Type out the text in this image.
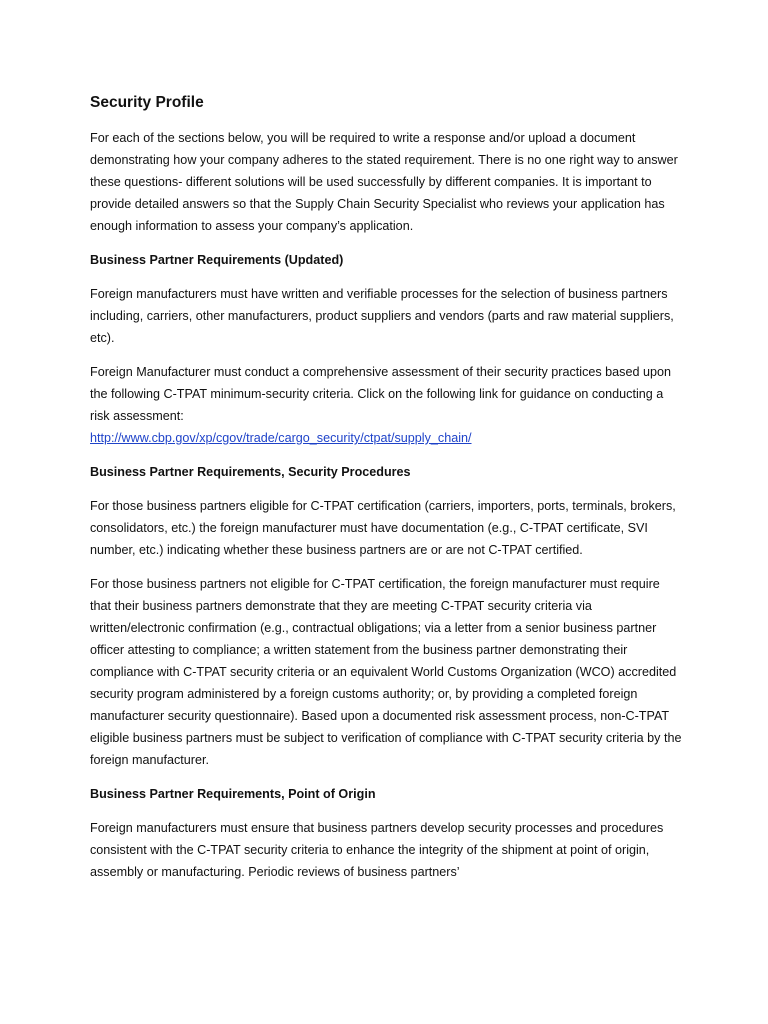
Security Profile

For each of the sections below, you will be required to write a response and/or upload a document demonstrating how your company adheres to the stated requirement. There is no one right way to answer these questions- different solutions will be used successfully by different companies. It is important to provide detailed answers so that the Supply Chain Security Specialist who reviews your application has enough information to assess your company’s application.

Business Partner Requirements (Updated)

Foreign manufacturers must have written and verifiable processes for the selection of business partners including, carriers, other manufacturers, product suppliers and vendors (parts and raw material suppliers, etc).

Foreign Manufacturer must conduct a comprehensive assessment of their security practices based upon the following C-TPAT minimum-security criteria. Click on the following link for guidance on conducting a risk assessment:
http://www.cbp.gov/xp/cgov/trade/cargo_security/ctpat/supply_chain/

Business Partner Requirements, Security Procedures

For those business partners eligible for C-TPAT certification (carriers, importers, ports, terminals, brokers, consolidators, etc.) the foreign manufacturer must have documentation (e.g., C-TPAT certificate, SVI number, etc.) indicating whether these business partners are or are not C-TPAT certified.

For those business partners not eligible for C-TPAT certification, the foreign manufacturer must require that their business partners demonstrate that they are meeting C-TPAT security criteria via written/electronic confirmation (e.g., contractual obligations; via a letter from a senior business partner officer attesting to compliance; a written statement from the business partner demonstrating their compliance with C-TPAT security criteria or an equivalent World Customs Organization (WCO) accredited security program administered by a foreign customs authority; or, by providing a completed foreign manufacturer security questionnaire). Based upon a documented risk assessment process, non-C-TPAT eligible business partners must be subject to verification of compliance with C-TPAT security criteria by the foreign manufacturer.

Business Partner Requirements, Point of Origin

Foreign manufacturers must ensure that business partners develop security processes and procedures consistent with the C-TPAT security criteria to enhance the integrity of the shipment at point of origin, assembly or manufacturing. Periodic reviews of business partners’
